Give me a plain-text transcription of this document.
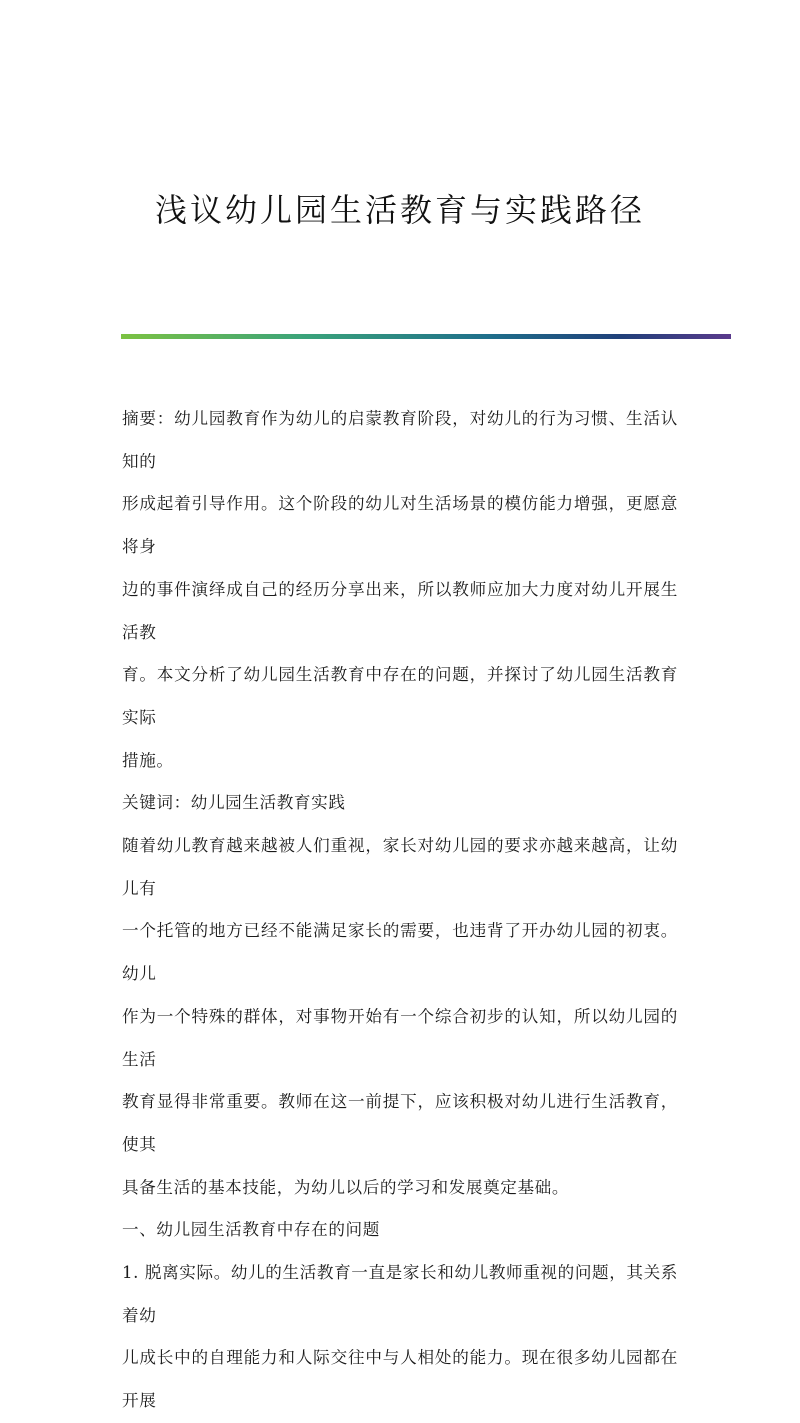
浅议幼儿园生活教育与实践路径

摘要：幼儿园教育作为幼儿的启蒙教育阶段，对幼儿的行为习惯、生活认知的

形成起着引导作用。这个阶段的幼儿对生活场景的模仿能力增强，更愿意将身

边的事件演绎成自己的经历分享出来，所以教师应加大力度对幼儿开展生活教

育。本文分析了幼儿园生活教育中存在的问题，并探讨了幼儿园生活教育实际

措施。

关键词：幼儿园生活教育实践

随着幼儿教育越来越被人们重视，家长对幼儿园的要求亦越来越高，让幼儿有

一个托管的地方已经不能满足家长的需要，也违背了开办幼儿园的初衷。幼儿

作为一个特殊的群体，对事物开始有一个综合初步的认知，所以幼儿园的生活

教育显得非常重要。教师在这一前提下，应该积极对幼儿进行生活教育，使其

具备生活的基本技能，为幼儿以后的学习和发展奠定基础。

一、幼儿园生活教育中存在的问题

1. 脱离实际。幼儿的生活教育一直是家长和幼儿教师重视的问题，其关系着幼

儿成长中的自理能力和人际交往中与人相处的能力。现在很多幼儿园都在开展
